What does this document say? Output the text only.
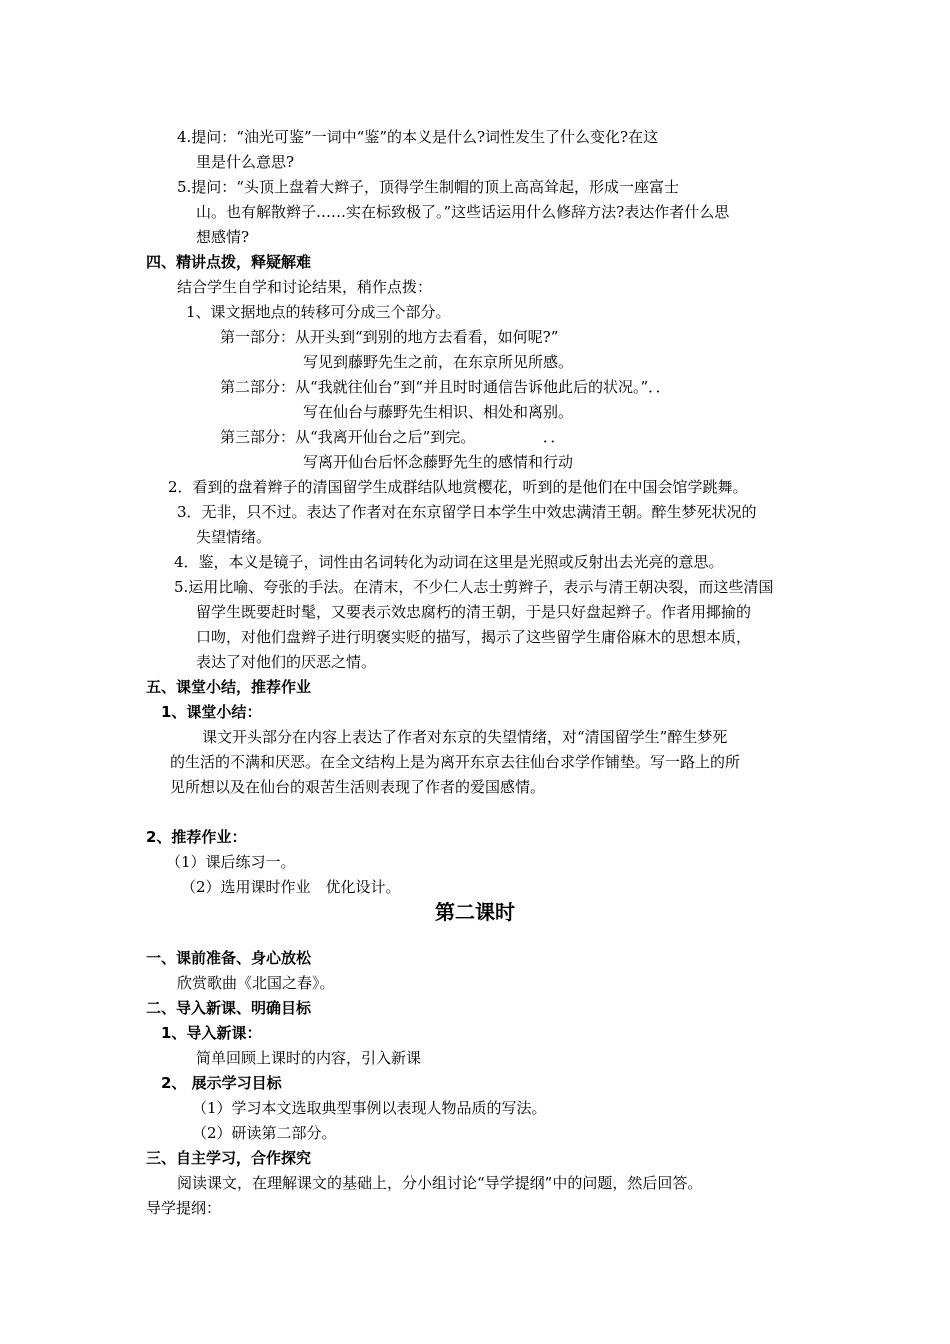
4.提问：“油光可鉴”一词中“鉴”的本义是什么?词性发生了什么变化?在这
里是什么意思?
5.提问：“头顶上盘着大辫子，顶得学生制帽的顶上高高耸起，形成一座富士
山。也有解散辫子……实在标致极了。”这些话运用什么修辞方法?表达作者什么思
想感情?
四、精讲点拨，释疑解难
结合学生自学和讨论结果，稍作点拨：
1、课文据地点的转移可分成三个部分。
第一部分：从开头到“到别的地方去看看，如何呢?”
写见到藤野先生之前，在东京所见所感。
第二部分：从“我就往仙台”到“并且时时通信告诉他此后的状况。”．．
写在仙台与藤野先生相识、相处和离别。
第三部分：从“我离开仙台之后”到完。　　　　　．．
写离开仙台后怀念藤野先生的感情和行动
2．看到的盘着辫子的清国留学生成群结队地赏樱花，听到的是他们在中国会馆学跳舞。
3．无非，只不过。表达了作者对在东京留学日本学生中效忠满清王朝。醉生梦死状况的
失望情绪。
4．鉴，本义是镜子，词性由名词转化为动词在这里是光照或反射出去光亮的意思。
5.运用比喻、夸张的手法。在清末，不少仁人志士剪辫子，表示与清王朝决裂，而这些清国
留学生既要赶时髦，又要表示效忠腐朽的清王朝，于是只好盘起辫子。作者用揶揄的
口吻，对他们盘辫子进行明褒实贬的描写，揭示了这些留学生庸俗麻木的思想本质，
表达了对他们的厌恶之情。
五、课堂小结，推荐作业
1、课堂小结：
课文开头部分在内容上表达了作者对东京的失望情绪，对“清国留学生”醉生梦死
的生活的不满和厌恶。在全文结构上是为离开东京去往仙台求学作铺垫。写一路上的所
见所想以及在仙台的艰苦生活则表现了作者的爱国感情。
2、推荐作业：
（1）课后练习一。
（2）选用课时作业　优化设计。
第二课时
一、课前准备、身心放松
欣赏歌曲《北国之春》。
二、导入新课、明确目标
1、导入新课：
简单回顾上课时的内容，引入新课
2、 展示学习目标
（1）学习本文选取典型事例以表现人物品质的写法。
（2）研读第二部分。
三、自主学习，合作探究
阅读课文，在理解课文的基础上，分小组讨论“导学提纲”中的问题，然后回答。
导学提纲：
